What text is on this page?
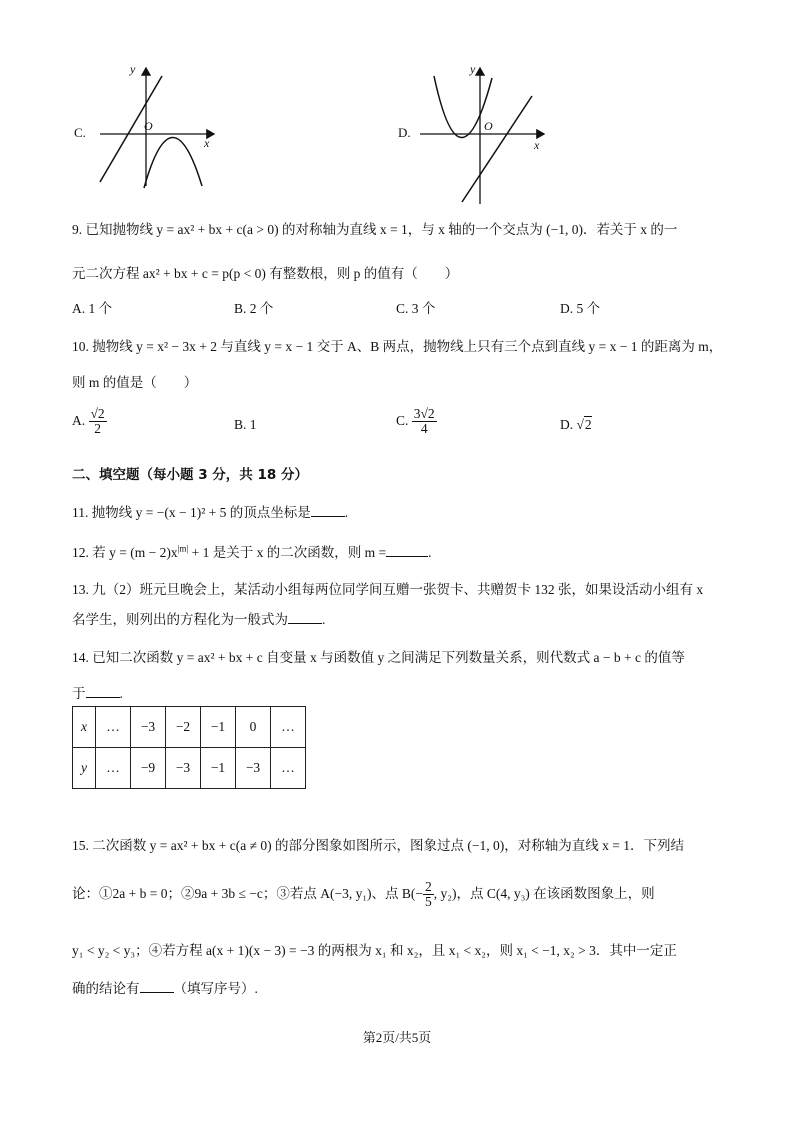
C.
y
O
x
D.
y
O
x
9. 已知抛物线 y = ax² + bx + c(a > 0) 的对称轴为直线 x = 1，与 x 轴的一个交点为 (−1, 0)．若关于 x 的一
元二次方程 ax² + bx + c = p(p < 0) 有整数根，则 p 的值有（　　）
A. 1 个	B. 2 个	C. 3 个	D. 5 个
10. 抛物线 y = x² − 3x + 2 与直线 y = x − 1 交于 A、B 两点，抛物线上只有三个点到直线 y = x − 1 的距离为 m，
则 m 的值是（　　）
A. $\frac{√2}{2}$	B. 1	C. $\frac{3√2}{4}$	D. √2
二、填空题（每小题 3 分，共 18 分）
11. 抛物线 y = −(x − 1)² + 5 的顶点坐标是	.
12. 若 $y = (m - 2)x^{|m|} + 1$ 是关于 x 的二次函数，则 m =	.
13. 九（2）班元旦晚会上，某活动小组每两位同学间互赠一张贺卡、共赠贺卡 132 张，如果设活动小组有 x
名学生，则列出的方程化为一般式为	.
14. 已知二次函数 y = ax² + bx + c 自变量 x 与函数值 y 之间满足下列数量关系，则代数式 a − b + c 的值等
于	.
x	…	−3	−2	−1	0	…
y	…	−9	−3	−1	−3	…
15. 二次函数 y = ax² + bx + c(a ≠ 0) 的部分图象如图所示，图象过点 (−1, 0)，对称轴为直线 x = 1．下列结
论：①2a + b = 0；②9a + 3b ≤ −c；③若点 A(−3, y₁)、点 $B(- \frac{2}{5}$ , y₂)，点 C(4, y₃) 在该函数图象上，则
y₁ < y₂ < y₃；④若方程 a(x + 1)(x − 3) = −3 的两根为 x₁ 和 x₂，且 x₁ < x₂，则 x₁ < −1, x₂ > 3．其中一定正
确的结论有	（填写序号）.
第2页/共5页
